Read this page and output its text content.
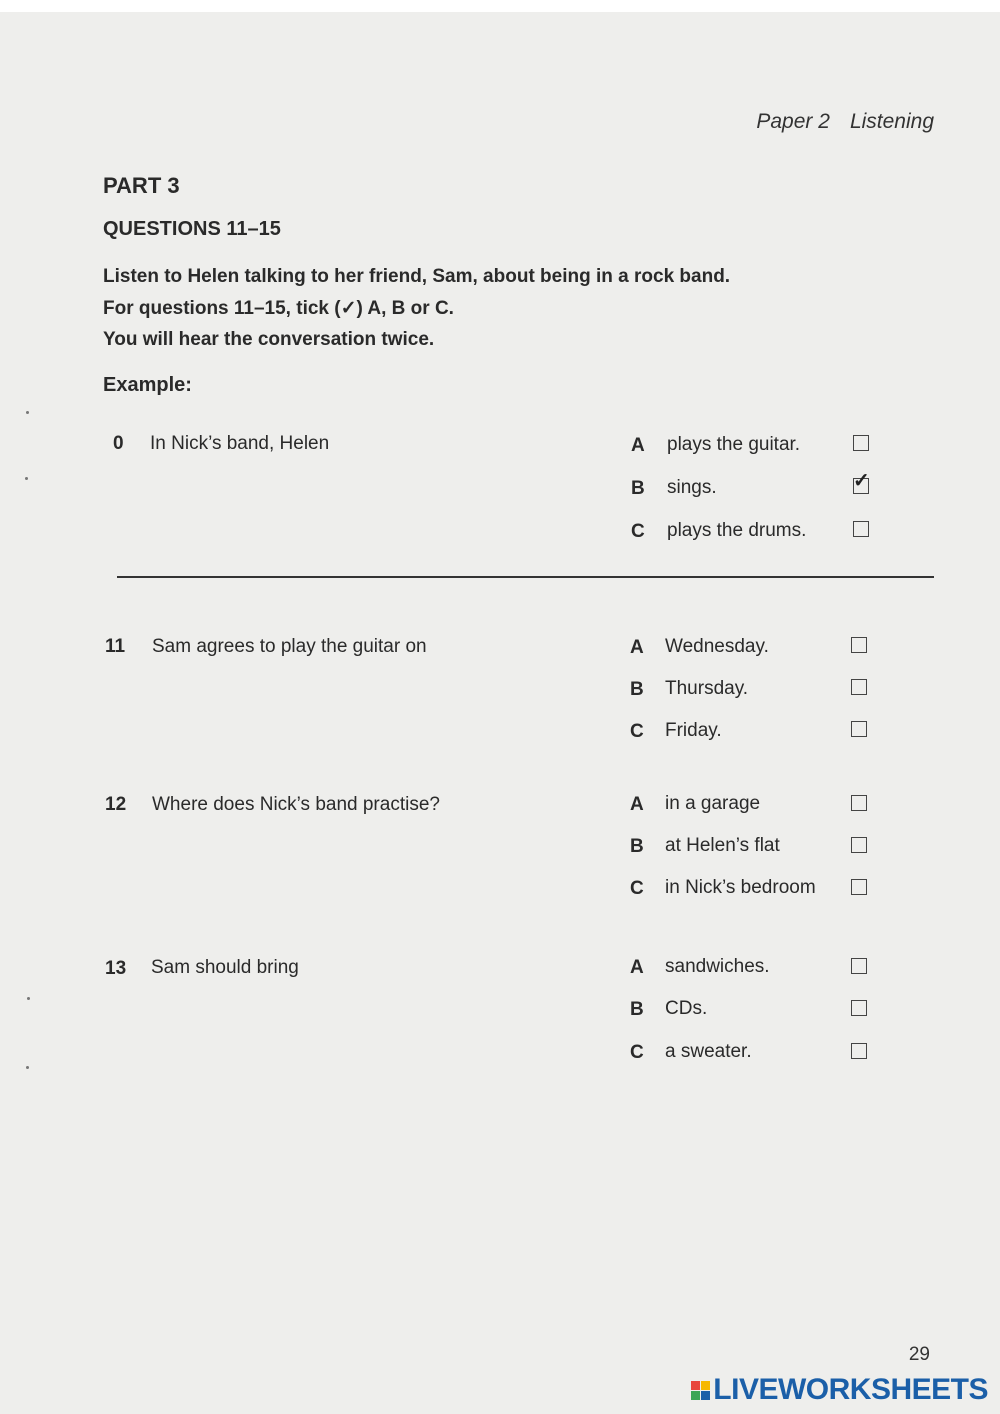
Paper 2 Listening
PART 3
QUESTIONS 11–15
Listen to Helen talking to her friend, Sam, about being in a rock band.
For questions 11–15, tick (✓) A, B or C.
You will hear the conversation twice.
Example:
0 In Nick’s band, Helen	A plays the guitar.
B sings.	✓
C plays the drums.
11 Sam agrees to play the guitar on	A Wednesday.
B Thursday.
C Friday.
12 Where does Nick’s band practise?	A in a garage
B at Helen’s flat
C in Nick’s bedroom
13 Sam should bring	A sandwiches.
B CDs.
C a sweater.
29
LIVEWORKSHEETS
